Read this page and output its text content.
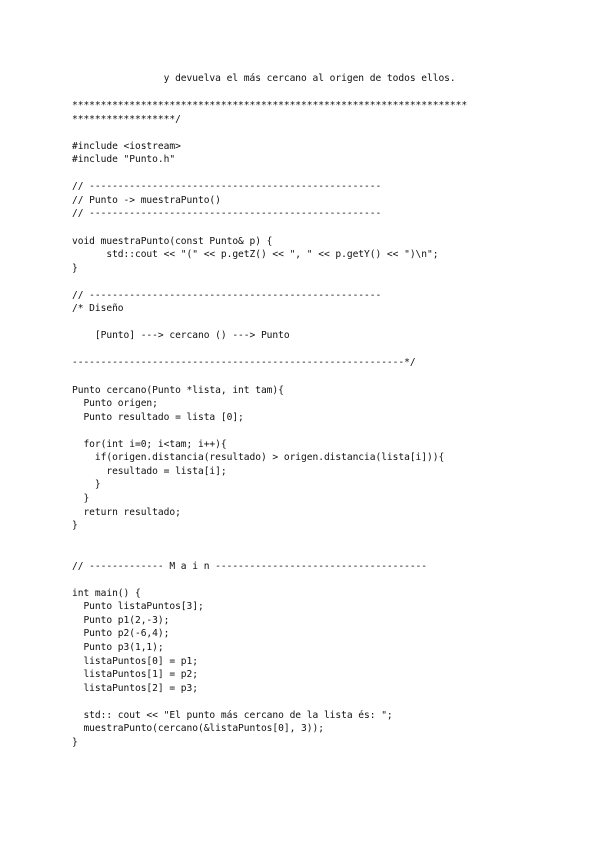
y devuelva el más cercano al origen de todos ellos.
*********************************************************************
******************/
#include <iostream>
#include "Punto.h"
// ---------------------------------------------------
// Punto -> muestraPunto()
// ---------------------------------------------------
void muestraPunto(const Punto& p) {
std::cout << "(" << p.getZ() << ", " << p.getY() << ")\n";
}
// ---------------------------------------------------
/* Diseño
[Punto] ---> cercano () ---> Punto
----------------------------------------------------------*/
Punto cercano(Punto *lista, int tam){
Punto origen;
Punto resultado = lista [0];
for(int i=0; i<tam; i++){
if(origen.distancia(resultado) > origen.distancia(lista[i])){
resultado = lista[i];
}
}
return resultado;
}
// ------------- M a i n -------------------------------------
int main() {
Punto listaPuntos[3];
Punto p1(2,-3);
Punto p2(-6,4);
Punto p3(1,1);
listaPuntos[0] = p1;
listaPuntos[1] = p2;
listaPuntos[2] = p3;
std:: cout << "El punto más cercano de la lista és: ";
muestraPunto(cercano(&listaPuntos[0], 3));
}
